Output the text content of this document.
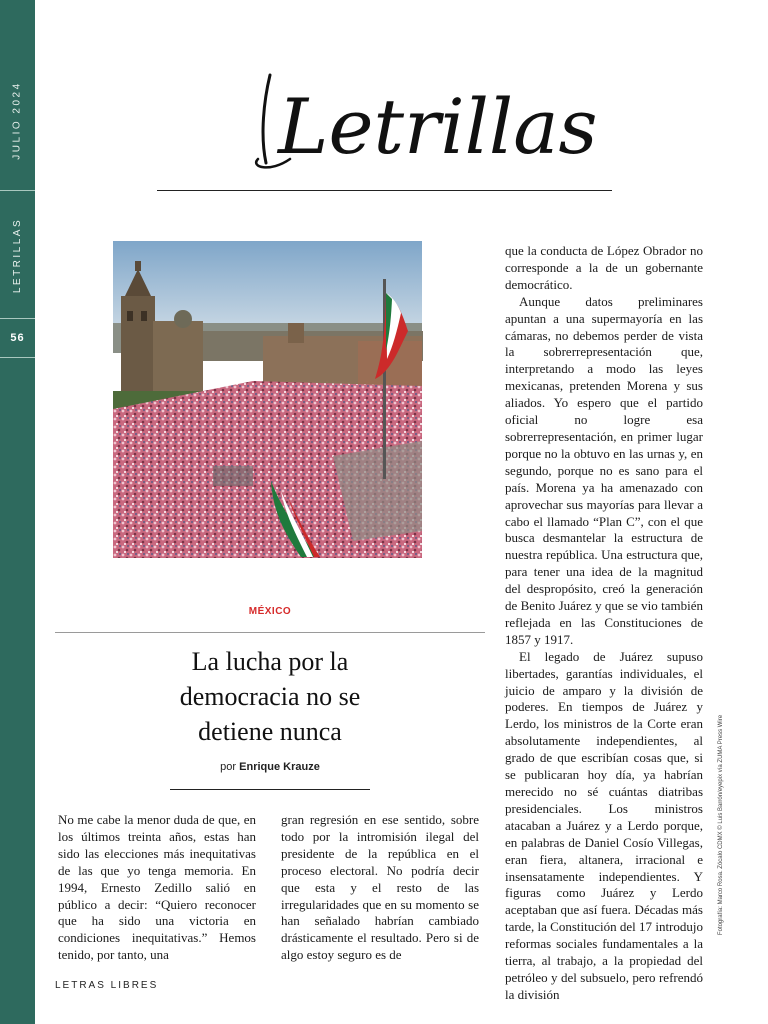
JULIO 2024
LETRILLAS
56
Letrillas
MÉXICO
La lucha por la
democracia no se
detiene nunca
por Enrique Krauze

No me cabe la menor duda de que, en los últimos treinta años, estas han sido las elecciones más inequitativas de las que yo tenga memoria. En 1994, Ernesto Zedillo salió en público a decir: “Quiero reconocer que ha sido una victoria en condiciones inequitativas.” Hemos tenido, por tanto, una

gran regresión en ese sentido, sobre todo por la intromisión ilegal del presidente de la república en el proceso electoral. No podría decir que esta y el resto de las irregularidades que en su momento se han señalado habrían cambiado drásticamente el resultado. Pero si de algo estoy seguro es de

que la conducta de López Obrador no corresponde a la de un gobernante democrático.

Aunque datos preliminares apuntan a una supermayoría en las cámaras, no debemos perder de vista la sobrerrepresentación que, interpretando a modo las leyes mexicanas, pretenden Morena y sus aliados. Yo espero que el partido oficial no logre esa sobrerrepresentación, en primer lugar porque no la obtuvo en las urnas y, en segundo, porque no es sano para el país. Morena ya ha amenazado con aprovechar sus mayorías para llevar a cabo el llamado “Plan C”, con el que busca desmantelar la estructura de nuestra república. Una estructura que, para tener una idea de la magnitud del despropósito, creó la generación de Benito Juárez y que se vio también reflejada en las Constituciones de 1857 y 1917.

El legado de Juárez supuso libertades, garantías individuales, el juicio de amparo y la división de poderes. En tiempos de Juárez y Lerdo, los ministros de la Corte eran absolutamente independientes, al grado de que escribían cosas que, si se publicaran hoy día, ya habrían merecido no sé cuántas diatribas presidenciales. Los ministros atacaban a Juárez y a Lerdo porque, en palabras de Daniel Cosío Villegas, eran fiera, altanera, irracional e insensatamente independientes. Y figuras como Juárez y Lerdo aceptaban que así fuera. Décadas más tarde, la Constitución del 17 introdujo reformas sociales fundamentales a la tierra, al trabajo, a la propiedad del petróleo y del subsuelo, pero refrendó la división

Fotografía: Marco Rosa. Zócalo CDMX © Luis Barrón/eyepix vía ZUMA Press Wire
LETRAS LIBRES
